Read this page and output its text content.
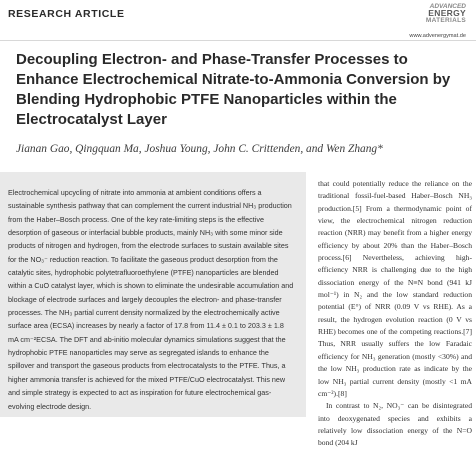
RESEARCH ARTICLE
ADVANCED
ENERGY
MATERIALS
www.advenergymat.de
Decoupling Electron- and Phase-Transfer Processes to Enhance Electrochemical Nitrate-to-Ammonia Conversion by Blending Hydrophobic PTFE Nanoparticles within the Electrocatalyst Layer
Jianan Gao, Qingquan Ma, Joshua Young, John C. Crittenden, and Wen Zhang*

Electrochemical upcycling of nitrate into ammonia at ambient conditions offers a sustainable synthesis pathway that can complement the current industrial NH₃ production from the Haber–Bosch process. One of the key rate-limiting steps is the effective desorption of gaseous or interfacial bubble products, mainly NH₃ with some minor side products of nitrogen and hydrogen, from the electrode surfaces to sustain available sites for the NO₃⁻ reduction reaction. To facilitate the gaseous product desorption from the catalytic sites, hydrophobic polytetrafluoroethylene (PTFE) nanoparticles are blended within a CuO catalyst layer, which is shown to eliminate the undesirable accumulation and blockage of electrode surfaces and largely decouples the electron- and phase-transfer processes. The NH₃ partial current density normalized by the electrochemically active surface area (ECSA) increases by nearly a factor of 17.8 from 11.4 ± 0.1 to 203.3 ± 1.8 mA cm⁻²ECSA. The DFT and ab-initio molecular dynamics simulations suggest that the hydrophobic PTFE nanoparticles may serve as segregated islands to enhance the spillover and transport the gaseous products from electrocatalysts to the PTFE. Thus, a higher ammonia transfer is achieved for the mixed PTFE/CuO electrocatalyst. This new and simple strategy is expected to act as inspiration for future electrochemical gas-evolving electrode design.

that could potentially reduce the reliance on the traditional fossil-fuel-based Haber–Bosch NH₃ production.[5] From a thermodynamic point of view, the electrochemical nitrogen reduction reaction (NRR) may benefit from a higher energy efficiency by about 20% than the Haber–Bosch process.[6] Nevertheless, achieving high-efficiency NRR is challenging due to the high dissociation energy of the N≡N bond (941 kJ mol⁻¹) in N₂ and the low standard reduction potential (E°) of NRR (0.09 V vs RHE). As a result, the hydrogen evolution reaction (0 V vs RHE) becomes one of the competing reactions.[7] Thus, NRR usually suffers the low Faradaic efficiency for NH₃ generation (mostly <30%) and the low NH₃ production rate as indicate by the low NH₃ partial current density (mostly <1 mA cm⁻²).[8]

In contrast to N₂, NO₃⁻ can be disintegrated into deoxygenated species and exhibits a relatively low dissociation energy of the N=O bond (204 kJ
